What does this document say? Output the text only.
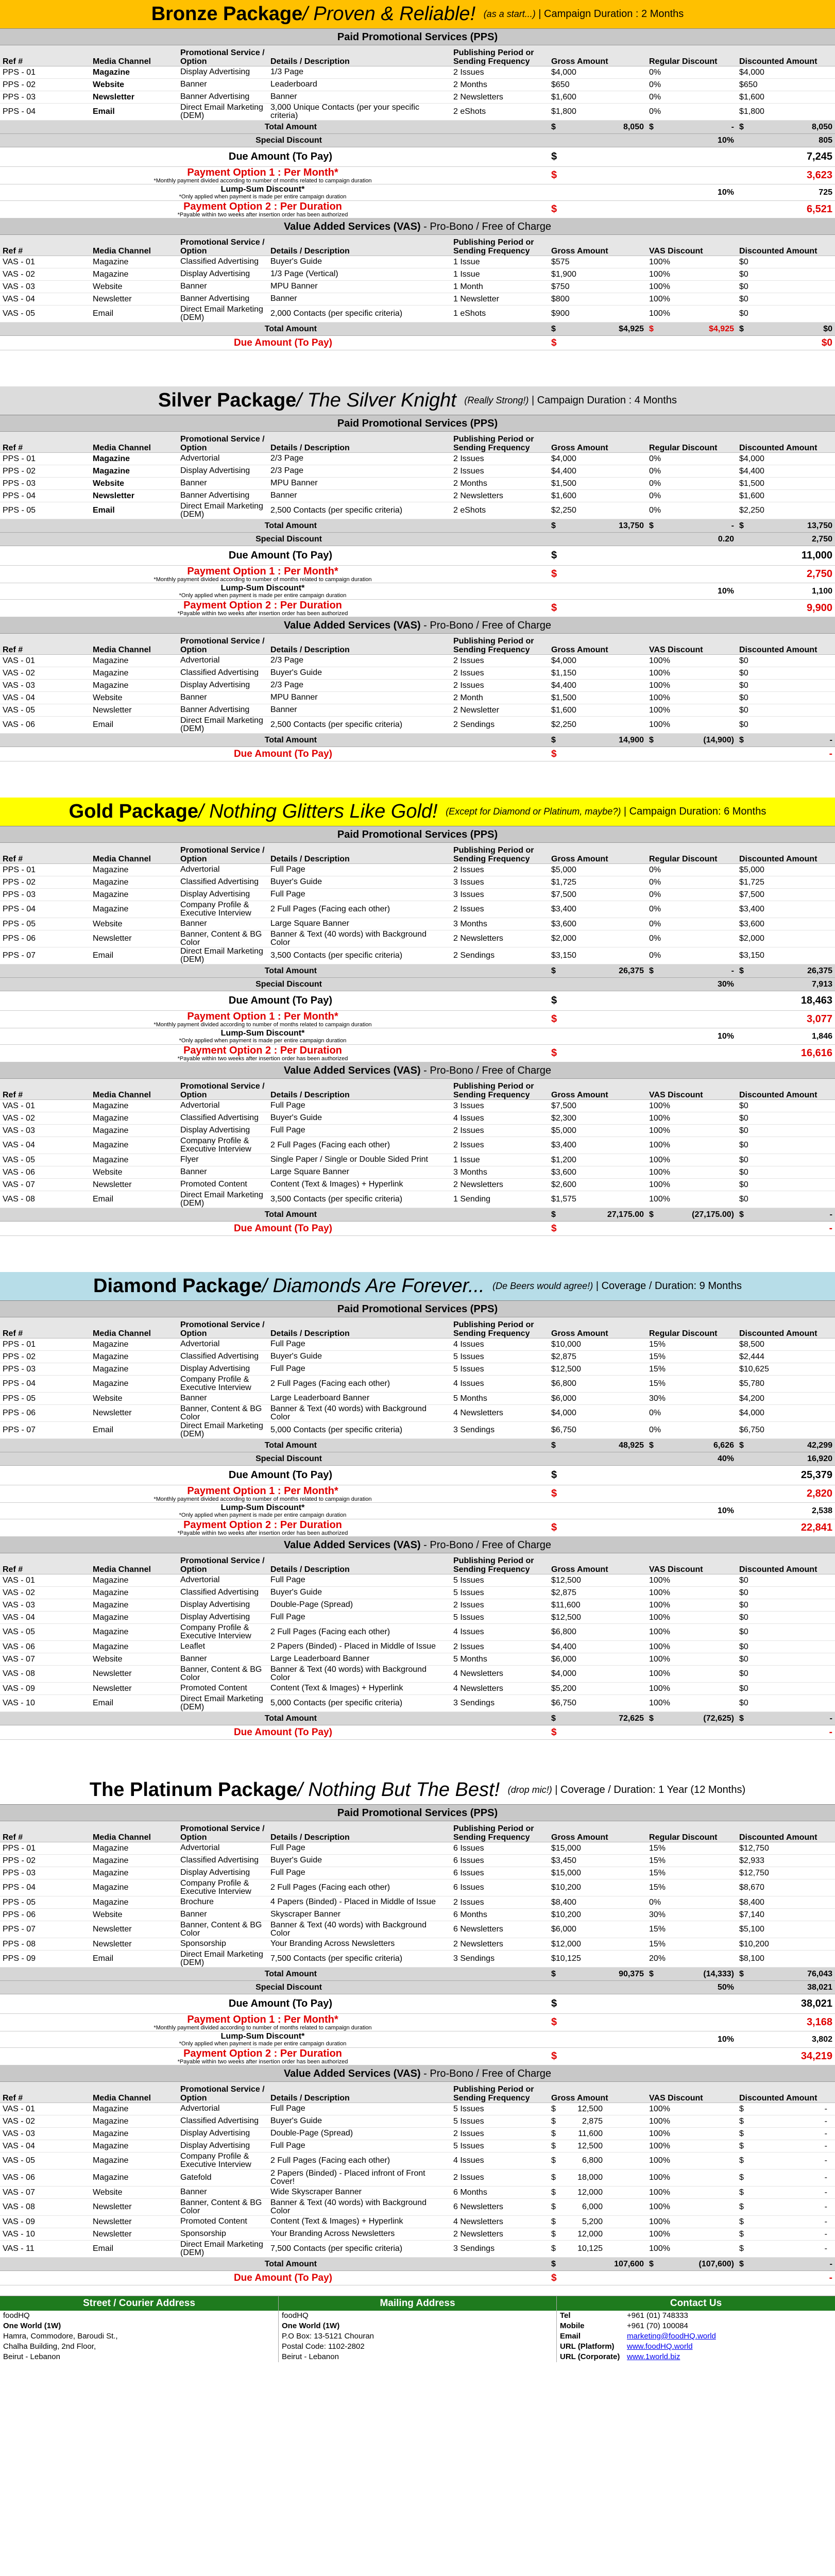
Bronze Package / Proven & Reliable! (as a start...) | Campaign Duration : 2 Months
Paid Promotional Services (PPS)
Ref #	Media Channel	Promotional Service / Option	Details / Description	Publishing Period or Sending Frequency	Gross Amount	Regular Discount	Discounted Amount
PPS - 01	Magazine	Display Advertising	1/3 Page	2 Issues	$4,000	0%	$4,000
PPS - 02	Website	Banner	Leaderboard	2 Months	$650	0%	$650
PPS - 03	Newsletter	Banner Advertising	Banner	2 Newsletters	$1,600	0%	$1,600
PPS - 04	Email	Direct Email Marketing (DEM)	3,000 Unique Contacts (per your specific criteria)	2 eShots	$1,800	0%	$1,800
Total Amount		$	8,050	$	-	$	8,050
Special Discount					10%		805
Due Amount (To Pay)		$					7,245
Payment Option 1 : Per Month*
*Monthly payment divided according to number of months related to campaign duration		$					3,623
Lump-Sum Discount*
*Only applied when payment is made per entire campaign duration					10%		725
Payment Option 2 : Per Duration
*Payable within two weeks after insertion order has been authorized		$					6,521
Value Added Services (VAS) - Pro-Bono / Free of Charge
Ref #	Media Channel	Promotional Service / Option	Details / Description	Publishing Period or Sending Frequency	Gross Amount	VAS Discount	Discounted Amount
VAS - 01	Magazine	Classified Advertising	Buyer's Guide	1 Issue	$575	100%	$0
VAS - 02	Magazine	Display Advertising	1/3 Page (Vertical)	1 Issue	$1,900	100%	$0
VAS - 03	Website	Banner	MPU Banner	1 Month	$750	100%	$0
VAS - 04	Newsletter	Banner Advertising	Banner	1 Newsletter	$800	100%	$0
VAS - 05	Email	Direct Email Marketing (DEM)	2,000 Contacts (per specific criteria)	1 eShots	$900	100%	$0
Total Amount		$	$4,925	$	$4,925	$	$0
Due Amount (To Pay)		$					$0
Silver Package / The Silver Knight (Really Strong!) | Campaign Duration : 4 Months
Paid Promotional Services (PPS)
Ref #	Media Channel	Promotional Service / Option	Details / Description	Publishing Period or Sending Frequency	Gross Amount	Regular Discount	Discounted Amount
PPS - 01	Magazine	Advertorial	2/3 Page	2 Issues	$4,000	0%	$4,000
PPS - 02	Magazine	Display Advertising	2/3 Page	2 Issues	$4,400	0%	$4,400
PPS - 03	Website	Banner	MPU Banner	2 Months	$1,500	0%	$1,500
PPS - 04	Newsletter	Banner Advertising	Banner	2 Newsletters	$1,600	0%	$1,600
PPS - 05	Email	Direct Email Marketing (DEM)	2,500 Contacts (per specific criteria)	2 eShots	$2,250	0%	$2,250
Total Amount		$	13,750	$	-	$	13,750
Special Discount					0.20		2,750
Due Amount (To Pay)		$					11,000
Payment Option 1 : Per Month*
*Monthly payment divided according to number of months related to campaign duration		$					2,750
Lump-Sum Discount*
*Only applied when payment is made per entire campaign duration					10%		1,100
Payment Option 2 : Per Duration
*Payable within two weeks after insertion order has been authorized		$					9,900
Value Added Services (VAS) - Pro-Bono / Free of Charge
Ref #	Media Channel	Promotional Service / Option	Details / Description	Publishing Period or Sending Frequency	Gross Amount	VAS Discount	Discounted Amount
VAS - 01	Magazine	Advertorial	2/3 Page	2 Issues	$4,000	100%	$0
VAS - 02	Magazine	Classified Advertising	Buyer's Guide	2 Issues	$1,150	100%	$0
VAS - 03	Magazine	Display Advertising	2/3 Page	2 Issues	$4,400	100%	$0
VAS - 04	Website	Banner	MPU Banner	2 Month	$1,500	100%	$0
VAS - 05	Newsletter	Banner Advertising	Banner	2 Newsletter	$1,600	100%	$0
VAS - 06	Email	Direct Email Marketing (DEM)	2,500 Contacts (per specific criteria)	2 Sendings	$2,250	100%	$0
Total Amount		$	14,900	$	(14,900)	$	-
Due Amount (To Pay)		$					-
Gold Package / Nothing Glitters Like Gold! (Except for Diamond or Platinum, maybe?) | Campaign Duration: 6 Months
Paid Promotional Services (PPS)
Ref #	Media Channel	Promotional Service / Option	Details / Description	Publishing Period or Sending Frequency	Gross Amount	Regular Discount	Discounted Amount
PPS - 01	Magazine	Advertorial	Full Page	2 Issues	$5,000	0%	$5,000
PPS - 02	Magazine	Classified Advertising	Buyer's Guide	3 Issues	$1,725	0%	$1,725
PPS - 03	Magazine	Display Advertising	Full Page	3 Issues	$7,500	0%	$7,500
PPS - 04	Magazine	Company Profile & Executive Interview	2 Full Pages (Facing each other)	2 Issues	$3,400	0%	$3,400
PPS - 05	Website	Banner	Large Square Banner	3 Months	$3,600	0%	$3,600
PPS - 06	Newsletter	Banner, Content & BG Color	Banner & Text (40 words) with Background Color	2 Newsletters	$2,000	0%	$2,000
PPS - 07	Email	Direct Email Marketing (DEM)	3,500 Contacts (per specific criteria)	2 Sendings	$3,150	0%	$3,150
Total Amount		$	26,375	$	-	$	26,375
Special Discount					30%		7,913
Due Amount (To Pay)		$					18,463
Payment Option 1 : Per Month*
*Monthly payment divided according to number of months related to campaign duration		$					3,077
Lump-Sum Discount*
*Only applied when payment is made per entire campaign duration					10%		1,846
Payment Option 2 : Per Duration
*Payable within two weeks after insertion order has been authorized		$					16,616
Value Added Services (VAS) - Pro-Bono / Free of Charge
Ref #	Media Channel	Promotional Service / Option	Details / Description	Publishing Period or Sending Frequency	Gross Amount	VAS Discount	Discounted Amount
VAS - 01	Magazine	Advertorial	Full Page	3 Issues	$7,500	100%	$0
VAS - 02	Magazine	Classified Advertising	Buyer's Guide	4 Issues	$2,300	100%	$0
VAS - 03	Magazine	Display Advertising	Full Page	2 Issues	$5,000	100%	$0
VAS - 04	Magazine	Company Profile & Executive Interview	2 Full Pages (Facing each other)	2 Issues	$3,400	100%	$0
VAS - 05	Magazine	Flyer	Single Paper / Single or Double Sided Print	1 Issue	$1,200	100%	$0
VAS - 06	Website	Banner	Large Square Banner	3 Months	$3,600	100%	$0
VAS - 07	Newsletter	Promoted Content	Content (Text & Images) + Hyperlink	2 Newsletters	$2,600	100%	$0
VAS - 08	Email	Direct Email Marketing (DEM)	3,500 Contacts (per specific criteria)	1 Sending	$1,575	100%	$0
Total Amount		$	27,175.00	$	(27,175.00)	$	-
Due Amount (To Pay)		$					-
Diamond Package / Diamonds Are Forever... (De Beers would agree!) | Coverage / Duration: 9 Months
Paid Promotional Services (PPS)
Ref #	Media Channel	Promotional Service / Option	Details / Description	Publishing Period or Sending Frequency	Gross Amount	Regular Discount	Discounted Amount
PPS - 01	Magazine	Advertorial	Full Page	4 Issues	$10,000	15%	$8,500
PPS - 02	Magazine	Classified Advertising	Buyer's Guide	5 Issues	$2,875	15%	$2,444
PPS - 03	Magazine	Display Advertising	Full Page	5 Issues	$12,500	15%	$10,625
PPS - 04	Magazine	Company Profile & Executive Interview	2 Full Pages (Facing each other)	4 Issues	$6,800	15%	$5,780
PPS - 05	Website	Banner	Large Leaderboard Banner	5 Months	$6,000	30%	$4,200
PPS - 06	Newsletter	Banner, Content & BG Color	Banner & Text (40 words) with Background Color	4 Newsletters	$4,000	0%	$4,000
PPS - 07	Email	Direct Email Marketing (DEM)	5,000 Contacts (per specific criteria)	3 Sendings	$6,750	0%	$6,750
Total Amount		$	48,925	$	6,626	$	42,299
Special Discount					40%		16,920
Due Amount (To Pay)		$					25,379
Payment Option 1 : Per Month*
*Monthly payment divided according to number of months related to campaign duration		$					2,820
Lump-Sum Discount*
*Only applied when payment is made per entire campaign duration					10%		2,538
Payment Option 2 : Per Duration
*Payable within two weeks after insertion order has been authorized		$					22,841
Value Added Services (VAS) - Pro-Bono / Free of Charge
Ref #	Media Channel	Promotional Service / Option	Details / Description	Publishing Period or Sending Frequency	Gross Amount	VAS Discount	Discounted Amount
VAS - 01	Magazine	Advertorial	Full Page	5 Issues	$12,500	100%	$0
VAS - 02	Magazine	Classified Advertising	Buyer's Guide	5 Issues	$2,875	100%	$0
VAS - 03	Magazine	Display Advertising	Double-Page (Spread)	2 Issues	$11,600	100%	$0
VAS - 04	Magazine	Display Advertising	Full Page	5 Issues	$12,500	100%	$0
VAS - 05	Magazine	Company Profile & Executive Interview	2 Full Pages (Facing each other)	4 Issues	$6,800	100%	$0
VAS - 06	Magazine	Leaflet	2 Papers (Binded) - Placed in Middle of Issue	2 Issues	$4,400	100%	$0
VAS - 07	Website	Banner	Large Leaderboard Banner	5 Months	$6,000	100%	$0
VAS - 08	Newsletter	Banner, Content & BG Color	Banner & Text (40 words) with Background Color	4 Newsletters	$4,000	100%	$0
VAS - 09	Newsletter	Promoted Content	Content (Text & Images) + Hyperlink	4 Newsletters	$5,200	100%	$0
VAS - 10	Email	Direct Email Marketing (DEM)	5,000 Contacts (per specific criteria)	3 Sendings	$6,750	100%	$0
Total Amount		$	72,625	$	(72,625)	$	-
Due Amount (To Pay)		$					-
The Platinum Package / Nothing But The Best! (drop mic!) | Coverage / Duration: 1 Year (12 Months)
Paid Promotional Services (PPS)
Ref #	Media Channel	Promotional Service / Option	Details / Description	Publishing Period or Sending Frequency	Gross Amount	Regular Discount	Discounted Amount
PPS - 01	Magazine	Advertorial	Full Page	6 Issues	$15,000	15%	$12,750
PPS - 02	Magazine	Classified Advertising	Buyer's Guide	6 Issues	$3,450	15%	$2,933
PPS - 03	Magazine	Display Advertising	Full Page	6 Issues	$15,000	15%	$12,750
PPS - 04	Magazine	Company Profile & Executive Interview	2 Full Pages (Facing each other)	6 Issues	$10,200	15%	$8,670
PPS - 05	Magazine	Brochure	4 Papers (Binded) - Placed in Middle of Issue	2 Issues	$8,400	0%	$8,400
PPS - 06	Website	Banner	Skyscraper Banner	6 Months	$10,200	30%	$7,140
PPS - 07	Newsletter	Banner, Content & BG Color	Banner & Text (40 words) with Background Color	6 Newsletters	$6,000	15%	$5,100
PPS - 08	Newsletter	Sponsorship	Your Branding Across Newsletters	2 Newsletters	$12,000	15%	$10,200
PPS - 09	Email	Direct Email Marketing (DEM)	7,500 Contacts (per specific criteria)	3 Sendings	$10,125	20%	$8,100
Total Amount		$	90,375	$	(14,333)	$	76,043
Special Discount					50%		38,021
Due Amount (To Pay)		$					38,021
Payment Option 1 : Per Month*
*Monthly payment divided according to number of months related to campaign duration		$					3,168
Lump-Sum Discount*
*Only applied when payment is made per entire campaign duration					10%		3,802
Payment Option 2 : Per Duration
*Payable within two weeks after insertion order has been authorized		$					34,219
Value Added Services (VAS) - Pro-Bono / Free of Charge
Ref #	Media Channel	Promotional Service / Option	Details / Description	Publishing Period or Sending Frequency	Gross Amount	VAS Discount	Discounted Amount
VAS - 01	Magazine	Advertorial	Full Page	5 Issues	$ 12,500	100%	$ -

VAS - 02	Magazine	Classified Advertising	Buyer's Guide	5 Issues	$ 2,875	100%	$ -

VAS - 03	Magazine	Display Advertising	Double-Page (Spread)	2 Issues	$ 11,600	100%	$ -

VAS - 04	Magazine	Display Advertising	Full Page	5 Issues	$ 12,500	100%	$ -

VAS - 05	Magazine	Company Profile & Executive Interview	2 Full Pages (Facing each other)	4 Issues	$ 6,800	100%	$ -

VAS - 06	Magazine	Gatefold	2 Papers (Binded) - Placed infront of Front Cover!	2 Issues	$ 18,000	100%	$ -

VAS - 07	Website	Banner	Wide Skyscraper Banner	6 Months	$ 12,000	100%	$ -

VAS - 08	Newsletter	Banner, Content & BG Color	Banner & Text (40 words) with Background Color	6 Newsletters	$ 6,000	100%	$ -

VAS - 09	Newsletter	Promoted Content	Content (Text & Images) + Hyperlink	4 Newsletters	$ 5,200	100%	$ -

VAS - 10	Newsletter	Sponsorship	Your Branding Across Newsletters	2 Newsletters	$ 12,000	100%	$ -

VAS - 11	Email	Direct Email Marketing (DEM)	7,500 Contacts (per specific criteria)	3 Sendings	$ 10,125	100%	$ -
Total Amount		$	107,600	$	(107,600)	$	-
Due Amount (To Pay)		$					-
Street / Courier Address
foodHQ
One World (1W)
Hamra, Commodore, Baroudi St.,
Chalha Building, 2nd Floor,
Beirut - Lebanon
Mailing Address
foodHQ
One World (1W)
P.O Box: 13-5121 Chouran
Postal Code: 1102-2802
Beirut - Lebanon
Contact Us
Tel	+961 (01) 748333
Mobile	+961 (70) 100084
Email	marketing@foodHQ.world
URL (Platform)	www.foodHQ.world
URL (Corporate) www.1world.biz
